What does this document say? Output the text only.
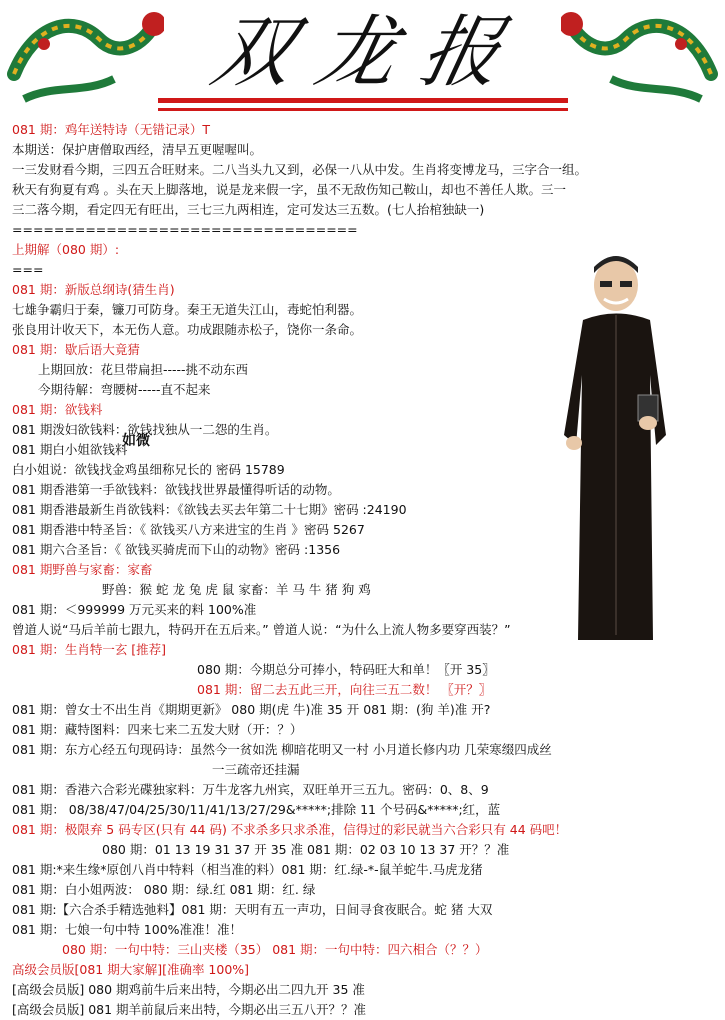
双龙报
081 期：鸡年送特诗（无错记录）T
本期送：保护唐僧取西经，清早五更喔喔叫。
一三发财看今期，三四五合旺财来。二八当头九又到，必保一八从中发。生肖将变博龙马，三字合一组。
秋天有狗夏有鸡 。头在天上脚落地，说是龙来假一字，虽不无敌伤知己鞍山，却也不善任人欺。三一
三二落今期，看定四无有旺出，三七三九两相连，定可发达三五数。(七人抬棺独缺一)
=================================
上期解（080 期）:
===
081 期：新版总纲诗(猜生肖)
七雄争霸归于秦，镰刀可防身。秦王无道失江山，毒蛇怕利器。
张良用计收天下，本无伤人意。功成跟随赤松子，饶你一条命。
081 期：歇后语大竟猜
上期回放：花旦带扁担-----挑不动东西
今期待解：弯腰树-----直不起来
081 期：欲钱料
081 期泼妇欲钱料：欲钱找独从一二怨的生肖。
081 期白小姐欲钱料
白小姐说：欲钱找金鸡虽细称兄长的 密码 15789
081 期香港第一手欲钱料：欲钱找世界最懂得听话的动物。
081 期香港最新生肖欲钱料：《欲钱去买去年第二十七期》密码 :24190
081 期香港中特圣旨：《 欲钱买八方来进宝的生肖 》密码 5267
081 期六合圣旨：《 欲钱买骑虎而下山的动物》密码 :1356
081 期野兽与家畜：家畜
野兽：猴 蛇 龙 兔 虎 鼠 家畜：羊 马 牛 猪 狗 鸡
081 期：＜999999 万元买来的料 100%准
曾道人说“马后羊前七跟九，特码开在五后来。” 曾道人说：“为什么上流人物多要穿西装？”
081 期：生肖特一玄 [推荐]
080 期：今期总分可捧小，特码旺大和单！〖开 35〗
081 期：留二去五此三开，向往三五二数！ 〖开？〗
081 期：曾女士不出生肖《期期更新》 080 期(虎 牛)准 35 开 081 期：(狗 羊)准 开?
081 期：藏特图料：四来七来二五发大财（开：？）
081 期：东方心经五句现码诗：虽然今一贫如洗 柳暗花明又一村 小月道长修内功 几荣寒缀四成丝
一三疏帝还挂漏
081 期：香港六合彩光碟独家料：万牛龙客九州宾，双旺单开三五九。密码：0、8、9
081 期： 08/38/47/04/25/30/11/41/13/27/29&*****;排除 11 个号码&*****;红，蓝
081 期：极限弃 5 码专区(只有 44 码) 不求杀多只求杀准，信得过的彩民就当六合彩只有 44 码吧！
080 期：01 13 19 31 37 开 35 准 081 期：02 03 10 13 37 开？？准
081 期:*来生缘*原创八肖中特料（相当准的料）081 期：红.绿-*-鼠羊蛇牛.马虎龙猪
081 期：白小姐两波： 080 期：绿.红 081 期：红. 绿
081 期:【六合杀手精选弛料】081 期：天明有五一声功，日间寻食夜眠合。蛇 猪 大双
081 期：七娘一句中特 100%准准！准！
080 期：一句中特：三山夹楼（35） 081 期：一句中特：四六相合（？？）
高级会员版[081 期大家解][准确率 100%]
[高级会员版] 080 期鸡前牛后来出特，今期必出二四九开 35 准
[高级会员版] 081 期羊前鼠后来出特，今期必出三五八开？？准
如微
